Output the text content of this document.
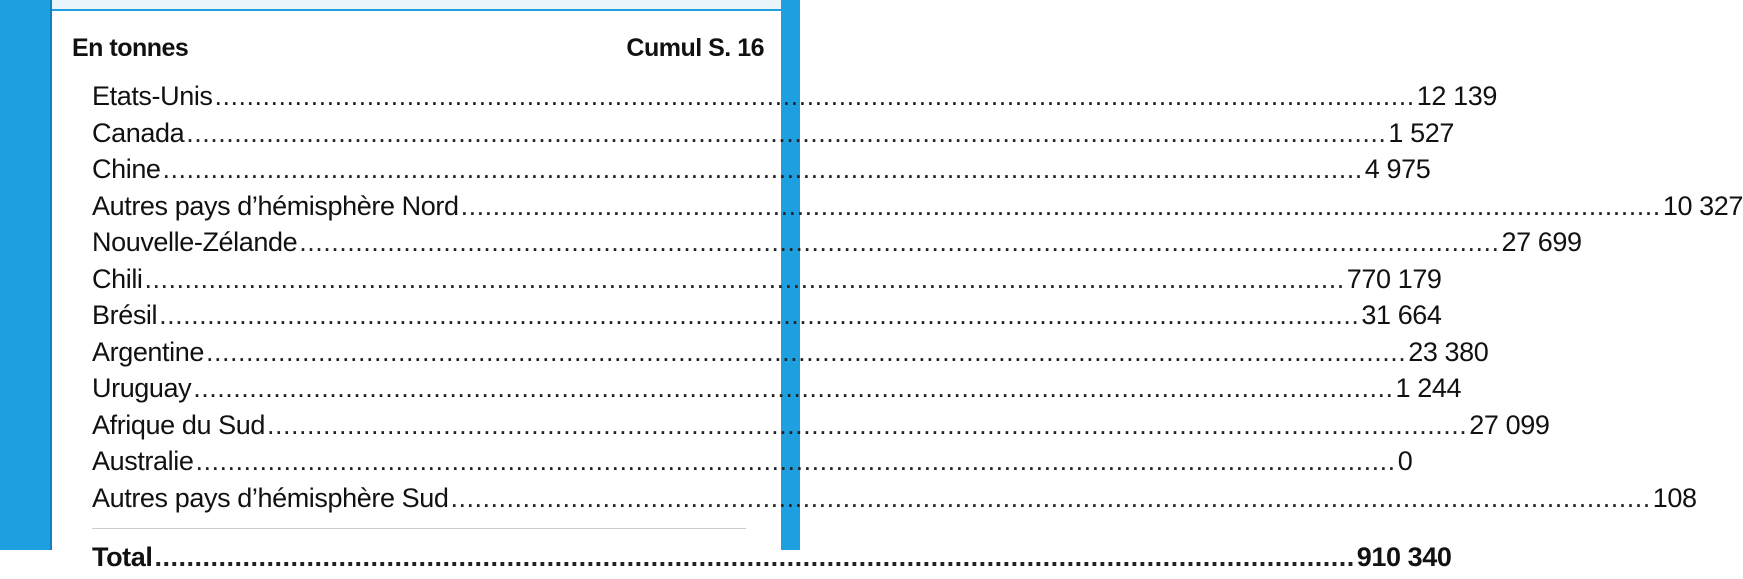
En tonnes	Cumul S. 16
Etats-Unis .....	12 139
Canada .....	1 527
Chine .....	4 975
Autres pays d’hémisphère Nord .....	10 327
Nouvelle-Zélande .....	27 699
Chili .....	770 179
Brésil .....	31 664
Argentine .....	23 380
Uruguay .....	1 244
Afrique du Sud .....	27 099
Australie .....	0
Autres pays d’hémisphère Sud .....	108
Total .....	910 340
